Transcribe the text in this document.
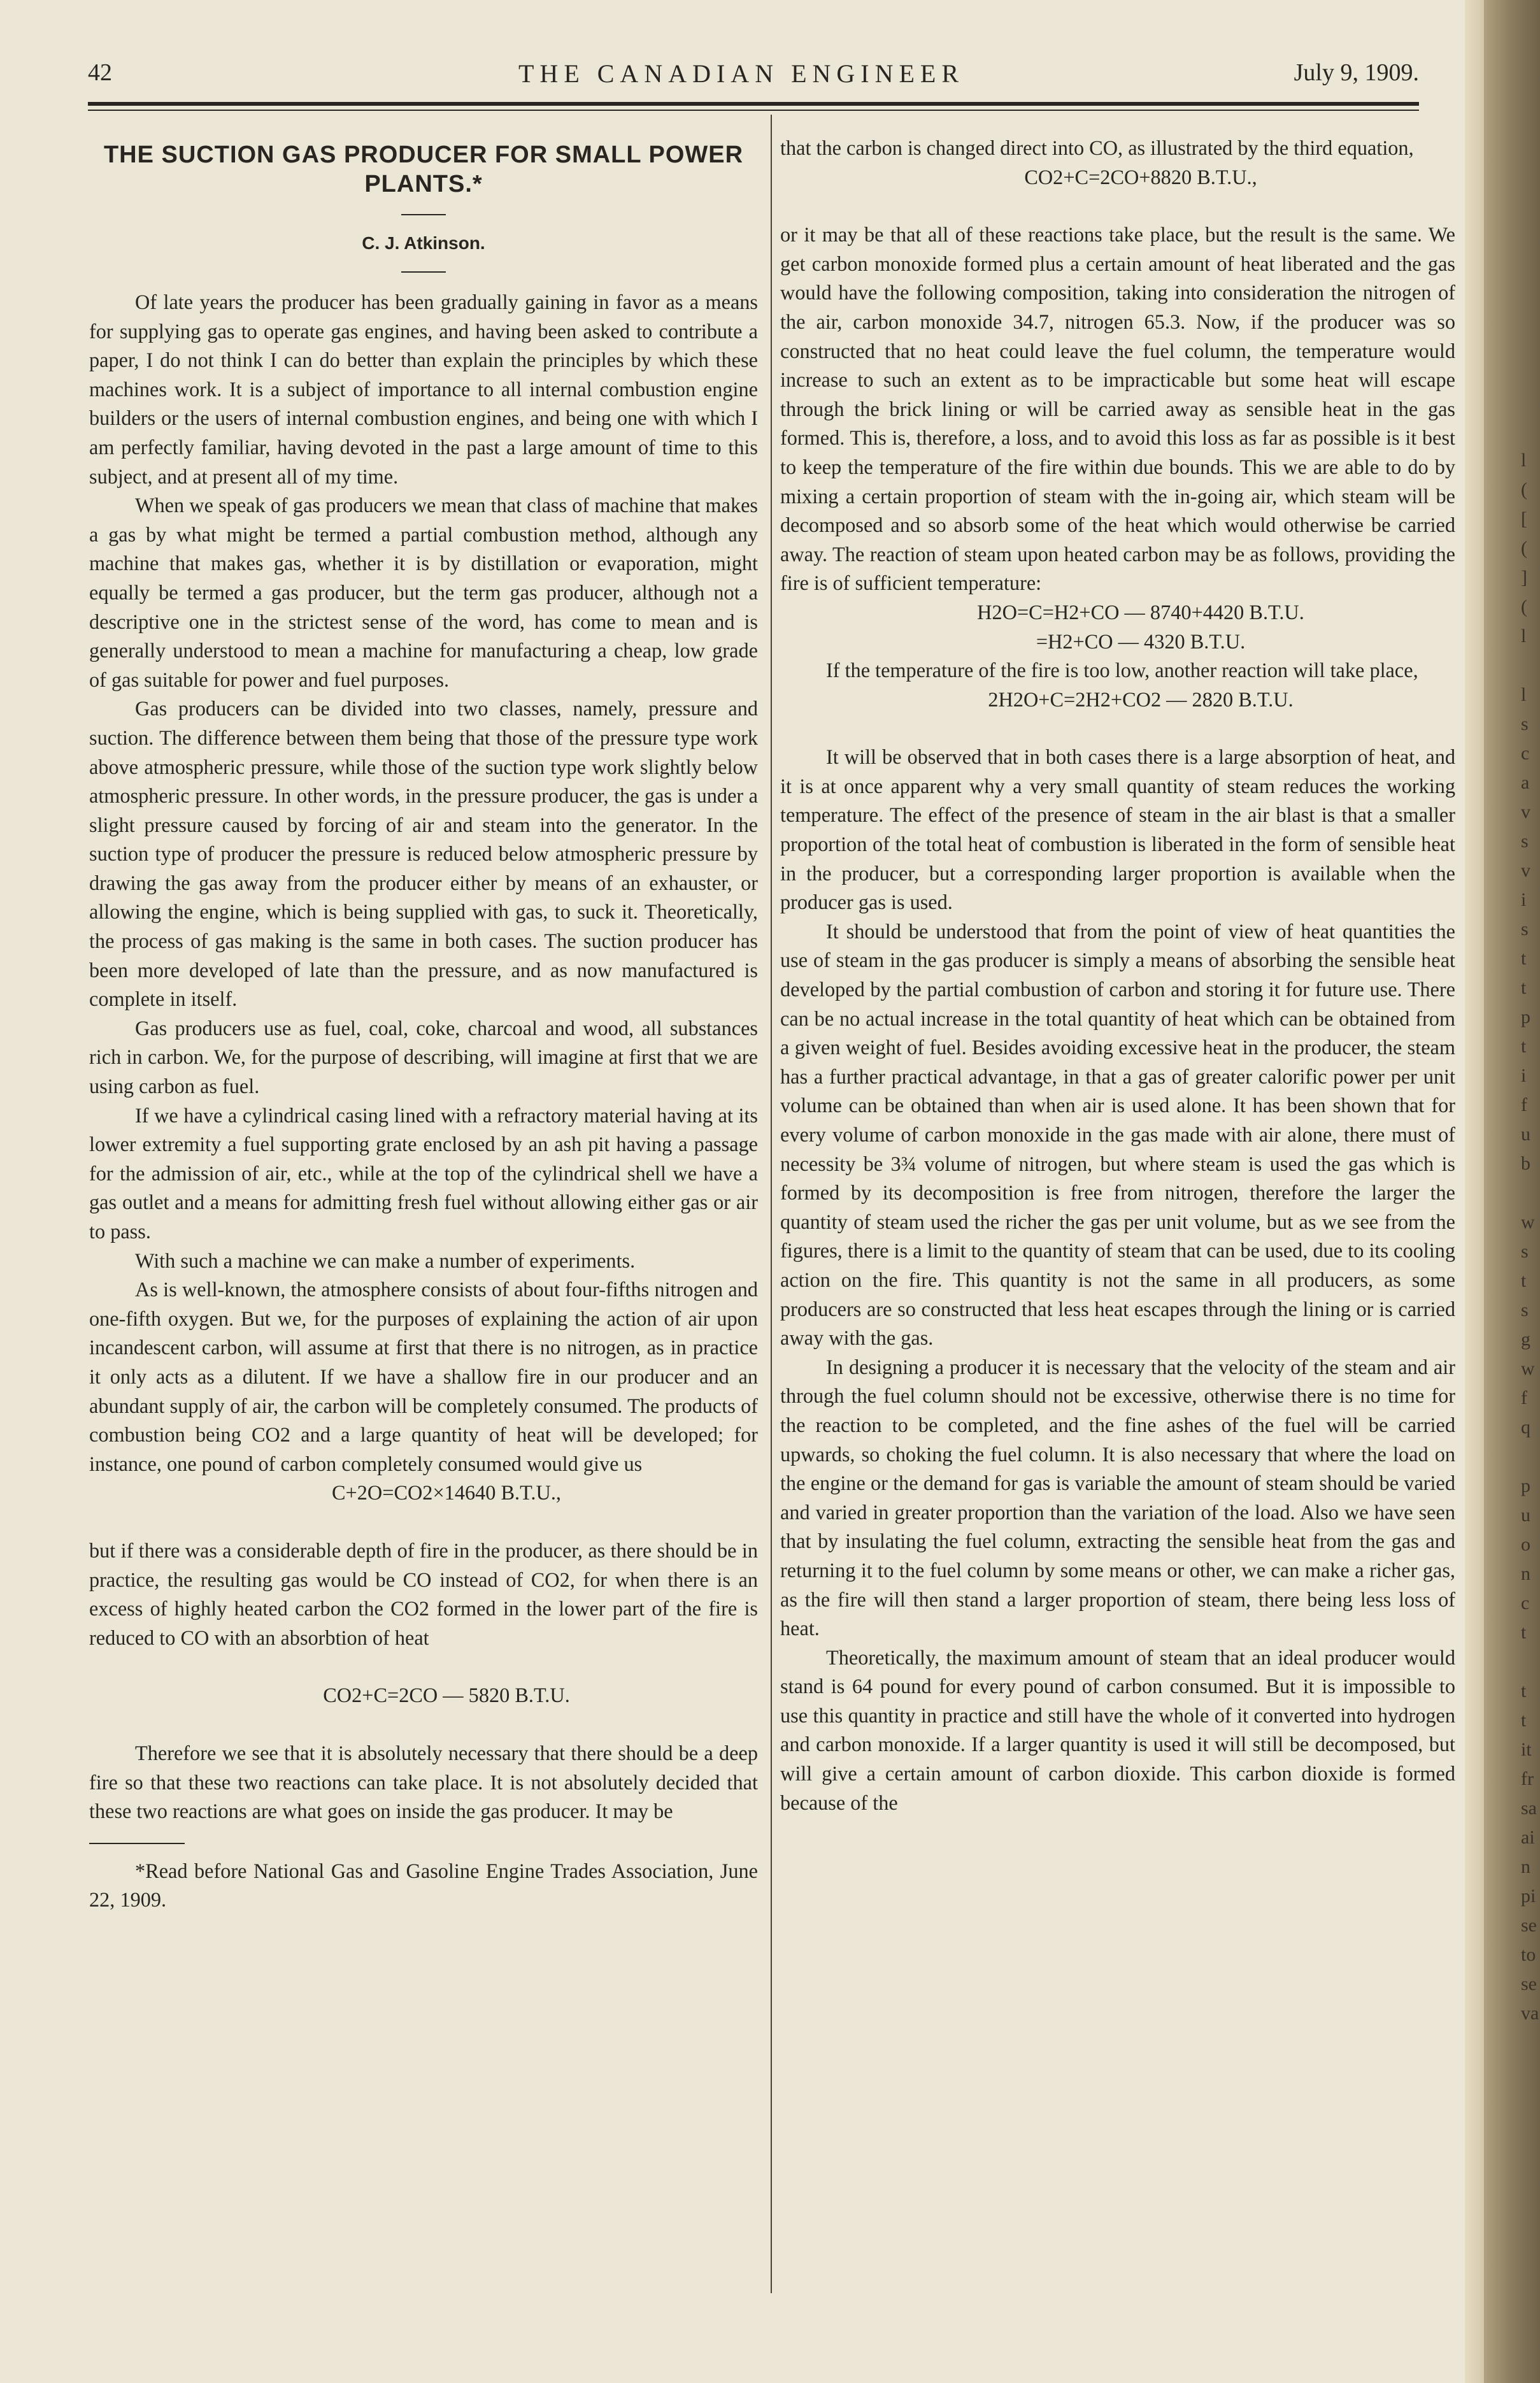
42	THE CANADIAN ENGINEER	July 9, 1909.
THE SUCTION GAS PRODUCER FOR SMALL POWER PLANTS.*
C. J. Atkinson.

Of late years the producer has been gradually gaining in favor as a means for supplying gas to operate gas engines, and having been asked to contribute a paper, I do not think I can do better than explain the principles by which these machines work. It is a subject of importance to all internal combustion engine builders or the users of internal combustion engines, and being one with which I am perfectly familiar, having devoted in the past a large amount of time to this subject, and at present all of my time.

When we speak of gas producers we mean that class of machine that makes a gas by what might be termed a partial combustion method, although any machine that makes gas, whether it is by distillation or evaporation, might equally be termed a gas producer, but the term gas producer, although not a descriptive one in the strictest sense of the word, has come to mean and is generally understood to mean a machine for manufacturing a cheap, low grade of gas suitable for power and fuel purposes.

Gas producers can be divided into two classes, namely, pressure and suction. The difference between them being that those of the pressure type work above atmospheric pressure, while those of the suction type work slightly below atmospheric pressure. In other words, in the pressure producer, the gas is under a slight pressure caused by forcing of air and steam into the generator. In the suction type of producer the pressure is reduced below atmospheric pressure by drawing the gas away from the producer either by means of an exhauster, or allowing the engine, which is being supplied with gas, to suck it. Theoretically, the process of gas making is the same in both cases. The suction producer has been more developed of late than the pressure, and as now manufactured is complete in itself.

Gas producers use as fuel, coal, coke, charcoal and wood, all substances rich in carbon. We, for the purpose of describing, will imagine at first that we are using carbon as fuel.

If we have a cylindrical casing lined with a refractory material having at its lower extremity a fuel supporting grate enclosed by an ash pit having a passage for the admission of air, etc., while at the top of the cylindrical shell we have a gas outlet and a means for admitting fresh fuel without allowing either gas or air to pass.

With such a machine we can make a number of experiments.

As is well-known, the atmosphere consists of about four-fifths nitrogen and one-fifth oxygen. But we, for the purposes of explaining the action of air upon incandescent carbon, will assume at first that there is no nitrogen, as in practice it only acts as a dilutent. If we have a shallow fire in our producer and an abundant supply of air, the carbon will be completely consumed. The products of combustion being CO2 and a large quantity of heat will be developed; for instance, one pound of carbon completely consumed would give us

C+2O=CO2×14640 B.T.U.,

but if there was a considerable depth of fire in the producer, as there should be in practice, the resulting gas would be CO instead of CO2, for when there is an excess of highly heated carbon the CO2 formed in the lower part of the fire is reduced to CO with an absorbtion of heat

CO2+C=2CO — 5820 B.T.U.

Therefore we see that it is absolutely necessary that there should be a deep fire so that these two reactions can take place. It is not absolutely decided that these two reactions are what goes on inside the gas producer. It may be

*Read before National Gas and Gasoline Engine Trades Association, June 22, 1909.

that the carbon is changed direct into CO, as illustrated by the third equation,

CO2+C=2CO+8820 B.T.U.,

or it may be that all of these reactions take place, but the result is the same. We get carbon monoxide formed plus a certain amount of heat liberated and the gas would have the following composition, taking into consideration the nitrogen of the air, carbon monoxide 34.7, nitrogen 65.3. Now, if the producer was so constructed that no heat could leave the fuel column, the temperature would increase to such an extent as to be impracticable but some heat will escape through the brick lining or will be carried away as sensible heat in the gas formed. This is, therefore, a loss, and to avoid this loss as far as possible is it best to keep the temperature of the fire within due bounds. This we are able to do by mixing a certain proportion of steam with the in-going air, which steam will be decomposed and so absorb some of the heat which would otherwise be carried away. The reaction of steam upon heated carbon may be as follows, providing the fire is of sufficient temperature:

H2O=C=H2+CO — 8740+4420 B.T.U.

=H2+CO — 4320 B.T.U.

If the temperature of the fire is too low, another reaction will take place,

2H2O+C=2H2+CO2 — 2820 B.T.U.

It will be observed that in both cases there is a large absorption of heat, and it is at once apparent why a very small quantity of steam reduces the working temperature. The effect of the presence of steam in the air blast is that a smaller proportion of the total heat of combustion is liberated in the form of sensible heat in the producer, but a corresponding larger proportion is available when the producer gas is used.

It should be understood that from the point of view of heat quantities the use of steam in the gas producer is simply a means of absorbing the sensible heat developed by the partial combustion of carbon and storing it for future use. There can be no actual increase in the total quantity of heat which can be obtained from a given weight of fuel. Besides avoiding excessive heat in the producer, the steam has a further practical advantage, in that a gas of greater calorific power per unit volume can be obtained than when air is used alone. It has been shown that for every volume of carbon monoxide in the gas made with air alone, there must of necessity be 3¾ volume of nitrogen, but where steam is used the gas which is formed by its decomposition is free from nitrogen, therefore the larger the quantity of steam used the richer the gas per unit volume, but as we see from the figures, there is a limit to the quantity of steam that can be used, due to its cooling action on the fire. This quantity is not the same in all producers, as some producers are so constructed that less heat escapes through the lining or is carried away with the gas.

In designing a producer it is necessary that the velocity of the steam and air through the fuel column should not be excessive, otherwise there is no time for the reaction to be completed, and the fine ashes of the fuel will be carried upwards, so choking the fuel column. It is also necessary that where the load on the engine or the demand for gas is variable the amount of steam should be varied and varied in greater proportion than the variation of the load. Also we have seen that by insulating the fuel column, extracting the sensible heat from the gas and returning it to the fuel column by some means or other, we can make a richer gas, as the fire will then stand a larger proportion of steam, there being less loss of heat.

Theoretically, the maximum amount of steam that an ideal producer would stand is 64 pound for every pound of carbon consumed. But it is impossible to use this quantity in practice and still have the whole of it converted into hydrogen and carbon monoxide. If a larger quantity is used it will still be decomposed, but will give a certain amount of carbon dioxide. This carbon dioxide is formed because of the

l
(
[
(
]
(
l

l
s
c
a
v
s
v
i
s
t
t
p
t
i
f
u
b

w
s
t
s
g
w
f
q

p
u
o
n
c
t

t
t
it
fr
sa
ai
n
pi
se
to
se
va
